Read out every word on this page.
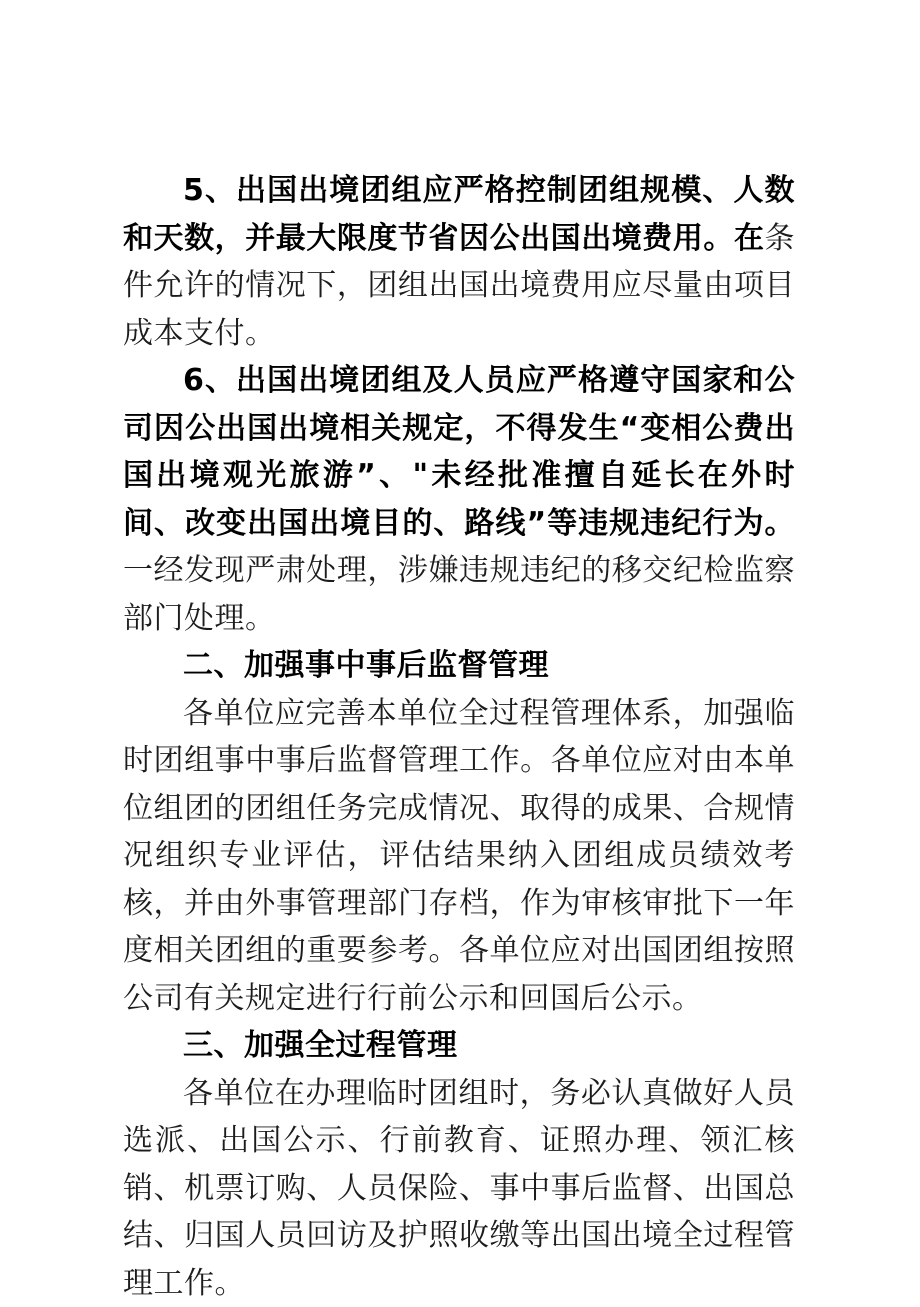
5、出国出境团组应严格控制团组规模、人数和天数，并最大限度节省因公出国出境费用。在条件允许的情况下，团组出国出境费用应尽量由项目成本支付。

6、出国出境团组及人员应严格遵守国家和公司因公出国出境相关规定，不得发生“变相公费出国出境观光旅游”、"未经批准擅自延长在外时间、改变出国出境目的、路线”等违规违纪行为。一经发现严肃处理，涉嫌违规违纪的移交纪检监察部门处理。

二、加强事中事后监督管理

各单位应完善本单位全过程管理体系，加强临时团组事中事后监督管理工作。各单位应对由本单位组团的团组任务完成情况、取得的成果、合规情况组织专业评估，评估结果纳入团组成员绩效考核，并由外事管理部门存档，作为审核审批下一年度相关团组的重要参考。各单位应对出国团组按照公司有关规定进行行前公示和回国后公示。

三、加强全过程管理

各单位在办理临时团组时，务必认真做好人员选派、出国公示、行前教育、证照办理、领汇核销、机票订购、人员保险、事中事后监督、出国总结、归国人员回访及护照收缴等出国出境全过程管理工作。
